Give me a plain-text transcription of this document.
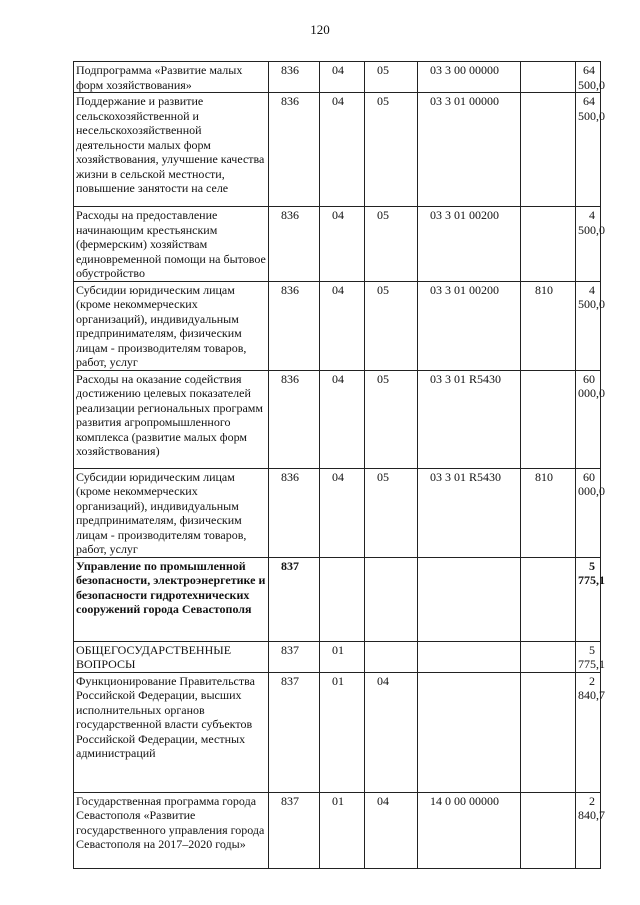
120
Подпрограмма «Развитие малых форм хозяйствования»	836	04	05	03 3 00 00000		64 500,0
Поддержание и развитие сельскохозяйственной и несельскохозяйственной деятельности малых форм хозяйствования, улучшение качества жизни в сельской местности, повышение занятости на селе	836	04	05	03 3 01 00000		64 500,0
Расходы на предоставление начинающим крестьянским (фермерским) хозяйствам единовременной помощи на бытовое обустройство	836	04	05	03 3 01 00200		4 500,0
Субсидии юридическим лицам (кроме некоммерческих организаций), индивидуальным предпринимателям, физическим лицам - производителям товаров, работ, услуг	836	04	05	03 3 01 00200	810	4 500,0
Расходы на оказание содействия достижению целевых показателей реализации региональных программ развития агропромышленного комплекса (развитие малых форм хозяйствования)	836	04	05	03 3 01 R5430		60 000,0
Субсидии юридическим лицам (кроме некоммерческих организаций), индивидуальным предпринимателям, физическим лицам - производителям товаров, работ, услуг	836	04	05	03 3 01 R5430	810	60 000,0
Управление по промышленной безопасности, электроэнергетике и безопасности гидротехнических сооружений города Севастополя	837					5 775,1
ОБЩЕГОСУДАРСТВЕННЫЕ ВОПРОСЫ	837	01				5 775,1
Функционирование Правительства Российской Федерации, высших исполнительных органов государственной власти субъектов Российской Федерации, местных администраций	837	01	04			2 840,7
Государственная программа города Севастополя «Развитие государственного управления города Севастополя на 2017–2020 годы»	837	01	04	14 0 00 00000		2 840,7
